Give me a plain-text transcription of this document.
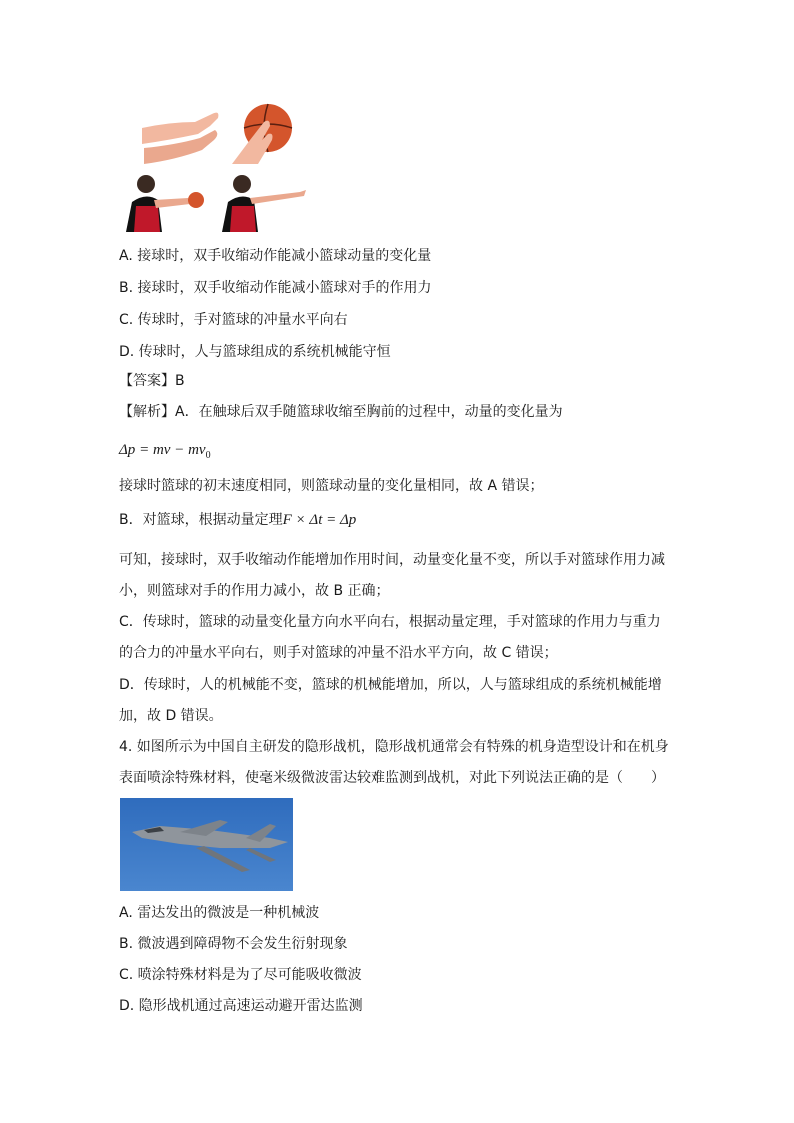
A. 接球时，双手收缩动作能减小篮球动量的变化量
B. 接球时，双手收缩动作能减小篮球对手的作用力
C. 传球时，手对篮球的冲量水平向右
D. 传球时，人与篮球组成的系统机械能守恒
【答案】B
【解析】A．在触球后双手随篮球收缩至胸前的过程中，动量的变化量为
Δp = mv − $mv_0$
接球时篮球的初末速度相同，则篮球动量的变化量相同，故 A 错误；
B．对篮球，根据动量定理F × Δt = Δp
可知，接球时，双手收缩动作能增加作用时间，动量变化量不变，所以手对篮球作用力减
小，则篮球对手的作用力减小，故 B 正确；
C．传球时，篮球的动量变化量方向水平向右，根据动量定理，手对篮球的作用力与重力
的合力的冲量水平向右，则手对篮球的冲量不沿水平方向，故 C 错误；
D．传球时，人的机械能不变，篮球的机械能增加，所以，人与篮球组成的系统机械能增
加，故 D 错误。
4. 如图所示为中国自主研发的隐形战机，隐形战机通常会有特殊的机身造型设计和在机身
表面喷涂特殊材料，使毫米级微波雷达较难监测到战机，对此下列说法正确的是（　　）
A. 雷达发出的微波是一种机械波
B. 微波遇到障碍物不会发生衍射现象
C. 喷涂特殊材料是为了尽可能吸收微波
D. 隐形战机通过高速运动避开雷达监测
